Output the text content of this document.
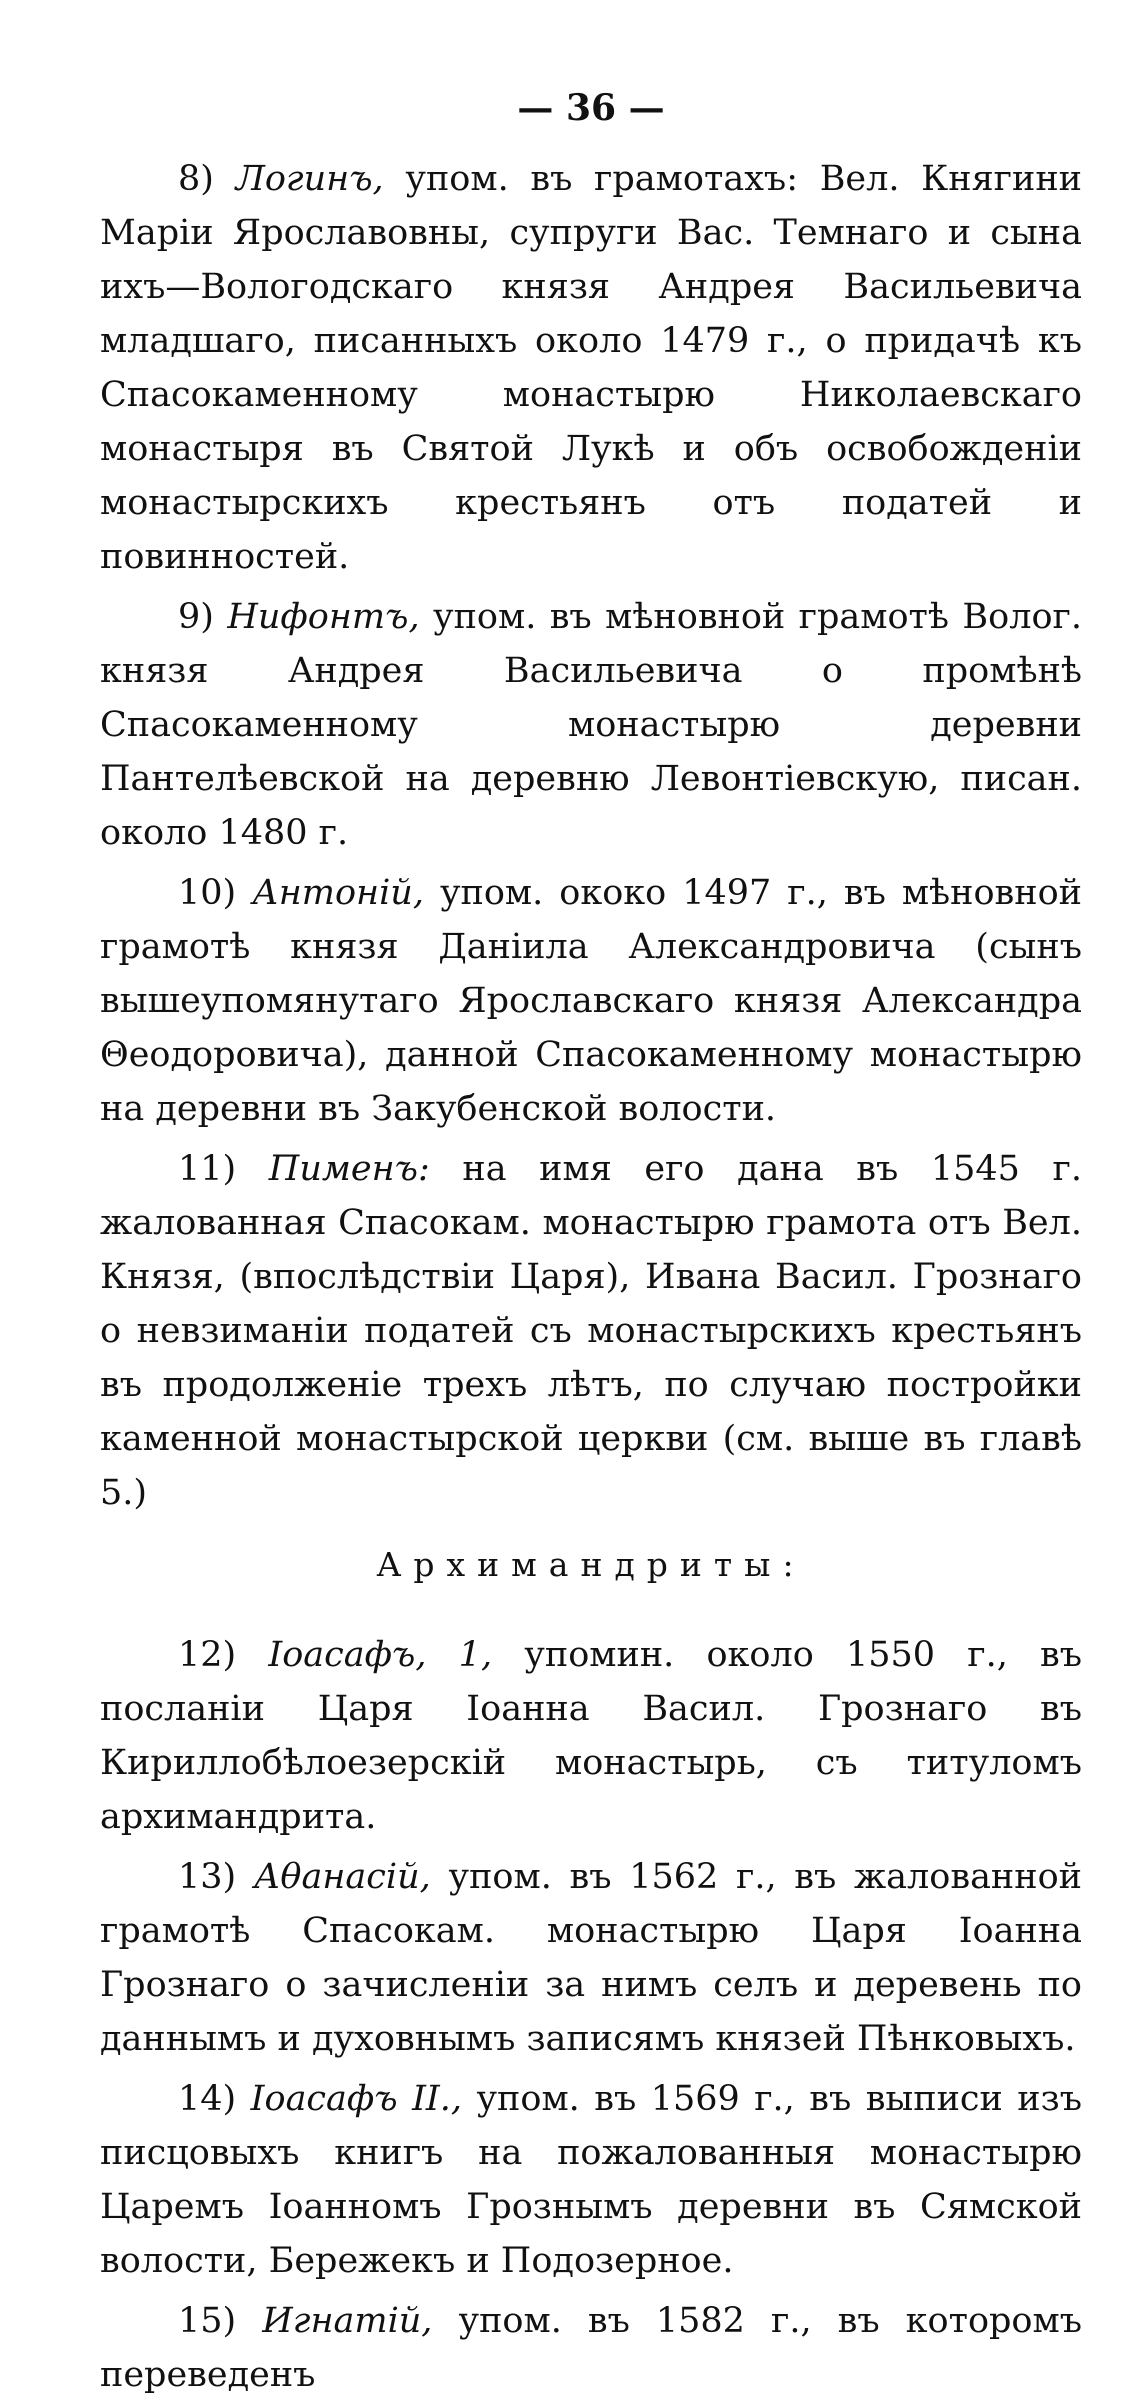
— 36 —

8) Логинъ, упом. въ грамотахъ: Вел. Княгини Маріи Ярославовны, супруги Вас. Темнаго и сына ихъ—Вологодскаго князя Андрея Васильевича младшаго, писанныхъ около 1479 г., о придачѣ къ Спасокаменному монастырю Николаевскаго монастыря въ Святой Лукѣ и объ освобожденіи монастырскихъ крестьянъ отъ податей и повинностей.

9) Нифонтъ, упом. въ мѣновной грамотѣ Волог. князя Андрея Васильевича о промѣнѣ Спасокаменному монастырю деревни Пантелѣевской на деревню Левонтіевскую, писан. около 1480 г.

10) Антоній, упом. ококо 1497 г., въ мѣновной грамотѣ князя Даніила Александровича (сынъ вышеупомянутаго Ярославскаго князя Александра Θеодоровича), данной Спасокаменному монастырю на деревни въ Закубенской волости.

11) Пименъ: на имя его дана въ 1545 г. жалованная Спасокам. монастырю грамота отъ Вел. Князя, (впослѣдствіи Царя), Ивана Васил. Грознаго о невзиманіи податей съ монастырскихъ крестьянъ въ продолженіе трехъ лѣтъ, по случаю постройки каменной монастырской церкви (см. выше въ главѣ 5.)

Архимандриты:

12) Іоасафъ, 1, упомин. около 1550 г., въ посланіи Царя Іоанна Васил. Грознаго въ Кириллобѣлоезерскій монастырь, съ титуломъ архимандрита.

13) Аθанасій, упом. въ 1562 г., въ жалованной грамотѣ Спасокам. монастырю Царя Іоанна Грознаго о зачисленіи за нимъ селъ и деревень по даннымъ и духовнымъ записямъ князей Пѣнковыхъ.

14) Іоасафъ II., упом. въ 1569 г., въ выписи изъ писцовыхъ книгъ на пожалованныя монастырю Царемъ Іоанномъ Грознымъ деревни въ Сямской волости, Бережекъ и Подозерное.

15) Игнатій, упом. въ 1582 г., въ которомъ переведенъ
